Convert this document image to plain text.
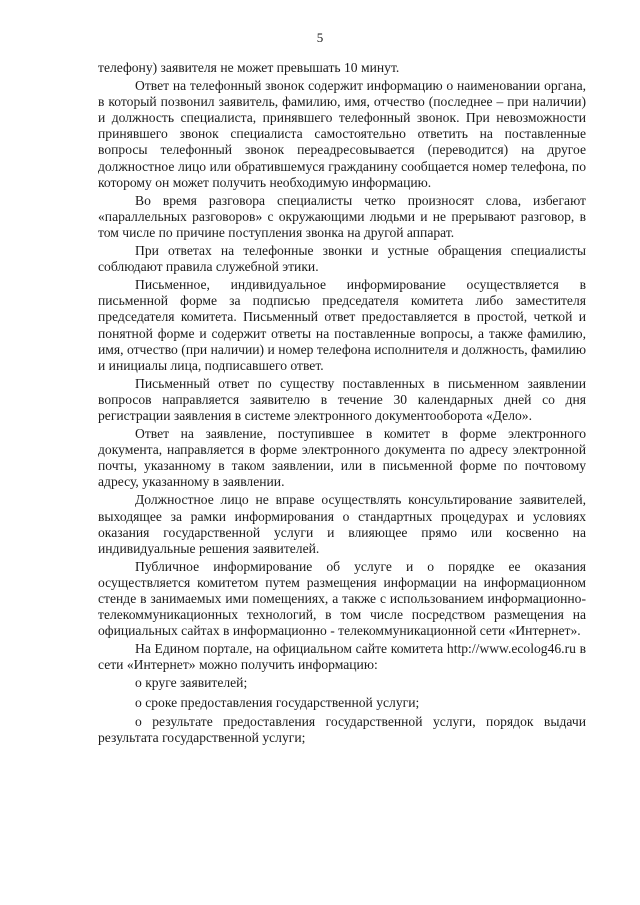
5

телефону) заявителя не может превышать 10 минут.

Ответ на телефонный звонок содержит информацию о наименовании органа, в который позвонил заявитель, фамилию, имя, отчество (последнее – при наличии) и должность специалиста, принявшего телефонный звонок. При невозможности принявшего звонок специалиста самостоятельно ответить на поставленные вопросы телефонный звонок переадресовывается (переводится) на другое должностное лицо или обратившемуся гражданину сообщается номер телефона, по которому он может получить необходимую информацию.

Во время разговора специалисты четко произносят слова, избегают «параллельных разговоров» с окружающими людьми и не прерывают разговор, в том числе по причине поступления звонка на другой аппарат.

При ответах на телефонные звонки и устные обращения специалисты соблюдают правила служебной этики.

Письменное, индивидуальное информирование осуществляется в письменной форме за подписью председателя комитета либо заместителя председателя комитета. Письменный ответ предоставляется в простой, четкой и понятной форме и содержит ответы на поставленные вопросы, а также фамилию, имя, отчество (при наличии) и номер телефона исполнителя и должность, фамилию и инициалы лица, подписавшего ответ.

Письменный ответ по существу поставленных в письменном заявлении вопросов направляется заявителю в течение 30 календарных дней со дня регистрации заявления в системе электронного документооборота «Дело».

Ответ на заявление, поступившее в комитет в форме электронного документа, направляется в форме электронного документа по адресу электронной почты, указанному в таком заявлении, или в письменной форме по почтовому адресу, указанному в заявлении.

Должностное лицо не вправе осуществлять консультирование заявителей, выходящее за рамки информирования о стандартных процедурах и условиях оказания государственной услуги и влияющее прямо или косвенно на индивидуальные решения заявителей.

Публичное информирование об услуге и о порядке ее оказания осуществляется комитетом путем размещения информации на информационном стенде в занимаемых ими помещениях, а также с использованием информационно-телекоммуникационных технологий, в том числе посредством размещения на официальных сайтах в информационно - телекоммуникационной сети «Интернет».

На Едином портале, на официальном сайте комитета http://www.ecolog46.ru в сети «Интернет» можно получить информацию:

о круге заявителей;

о сроке предоставления государственной услуги;

о результате предоставления государственной услуги, порядок выдачи результата государственной услуги;
